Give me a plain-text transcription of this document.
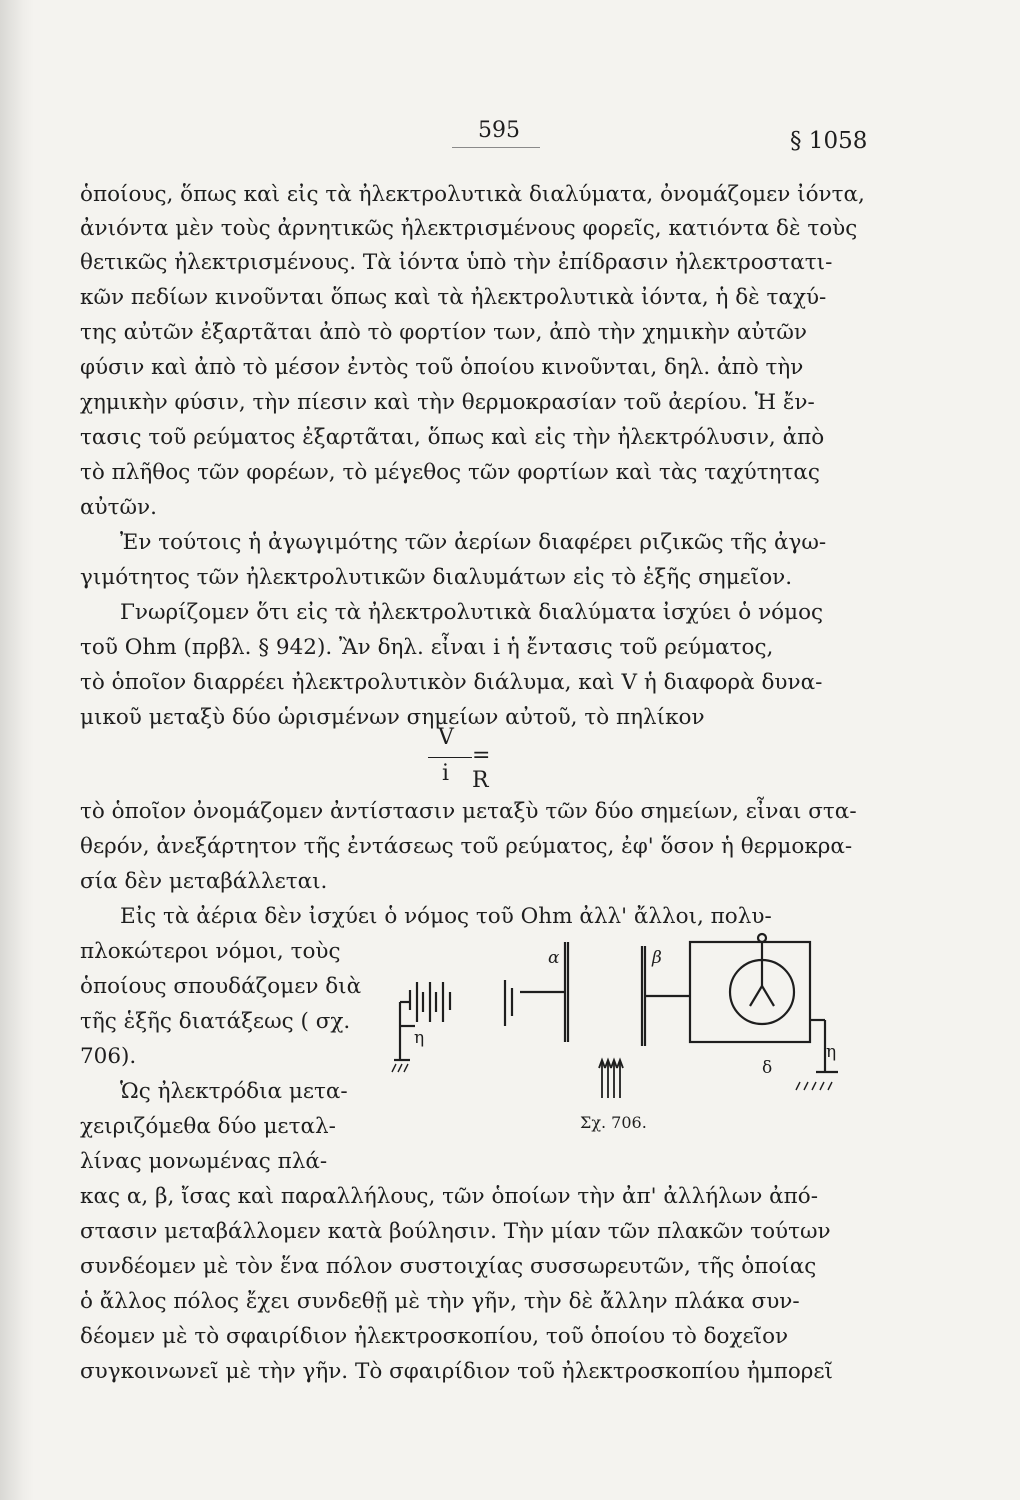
595	§ 1058
ὁποίους, ὅπως καὶ εἰς τὰ ἠλεκτρολυτικὰ διαλύματα, ὀνομάζομεν ἰόντα,
ἀνιόντα μὲν τοὺς ἀρνητικῶς ἠλεκτρισμένους φορεῖς, κατιόντα δὲ τοὺς
θετικῶς ἠλεκτρισμένους. Τὰ ἰόντα ὑπὸ τὴν ἐπίδρασιν ἠλεκτροστατι-
κῶν πεδίων κινοῦνται ὅπως καὶ τὰ ἠλεκτρολυτικὰ ἰόντα, ἡ δὲ ταχύ-
της αὐτῶν ἐξαρτᾶται ἀπὸ τὸ φορτίον των, ἀπὸ τὴν χημικὴν αὐτῶν
φύσιν καὶ ἀπὸ τὸ μέσον ἐντὸς τοῦ ὁποίου κινοῦνται, δηλ. ἀπὸ τὴν
χημικὴν φύσιν, τὴν πίεσιν καὶ τὴν θερμοκρασίαν τοῦ ἀερίου. Ἡ ἔν-
τασις τοῦ ρεύματος ἐξαρτᾶται, ὅπως καὶ εἰς τὴν ἠλεκτρόλυσιν, ἀπὸ
τὸ πλῆθος τῶν φορέων, τὸ μέγεθος τῶν φορτίων καὶ τὰς ταχύτητας
αὐτῶν.
Ἐν τούτοις ἡ ἀγωγιμότης τῶν ἀερίων διαφέρει ριζικῶς τῆς ἀγω-
γιμότητος τῶν ἠλεκτρολυτικῶν διαλυμάτων εἰς τὸ ἑξῆς σημεῖον.
Γνωρίζομεν ὅτι εἰς τὰ ἠλεκτρολυτικὰ διαλύματα ἰσχύει ὁ νόμος
τοῦ Ohm (πρβλ. § 942). Ἂν δηλ. εἶναι i ἡ ἔντασις τοῦ ρεύματος,
τὸ ὁποῖον διαρρέει ἠλεκτρολυτικὸν διάλυμα, καὶ V ἡ διαφορὰ δυνα-
μικοῦ μεταξὺ δύο ὡρισμένων σημείων αὐτοῦ, τὸ πηλίκον
V
i
= R
τὸ ὁποῖον ὀνομάζομεν ἀντίστασιν μεταξὺ τῶν δύο σημείων, εἶναι στα-
θερόν, ἀνεξάρτητον τῆς ἐντάσεως τοῦ ρεύματος, ἐφ' ὅσον ἡ θερμοκρα-
σία δὲν μεταβάλλεται.
Εἰς τὰ ἀέρια δὲν ἰσχύει ὁ νόμος τοῦ Ohm ἀλλ' ἄλλοι, πολυ-
πλοκώτεροι νόμοι, τοὺς
ὁποίους σπουδάζομεν διὰ
τῆς ἑξῆς διατάξεως ( σχ.
706).
Ὡς ἠλεκτρόδια μετα-
χειριζόμεθα δύο μεταλ-
λίνας μονωμένας πλά-
κας α, β, ἴσας καὶ παραλλήλους, τῶν ὁποίων τὴν ἀπ' ἀλλήλων ἀπό-
στασιν μεταβάλλομεν κατὰ βούλησιν. Τὴν μίαν τῶν πλακῶν τούτων
συνδέομεν μὲ τὸν ἕνα πόλον συστοιχίας συσσωρευτῶν, τῆς ὁποίας
ὁ ἄλλος πόλος ἔχει συνδεθῇ μὲ τὴν γῆν, τὴν δὲ ἄλλην πλάκα συν-
δέομεν μὲ τὸ σφαιρίδιον ἠλεκτροσκοπίου, τοῦ ὁποίου τὸ δοχεῖον
συγκοινωνεῖ μὲ τὴν γῆν. Τὸ σφαιρίδιον τοῦ ἠλεκτροσκοπίου ἠμπορεῖ
α	β
η
η
δ
Σχ. 706.
